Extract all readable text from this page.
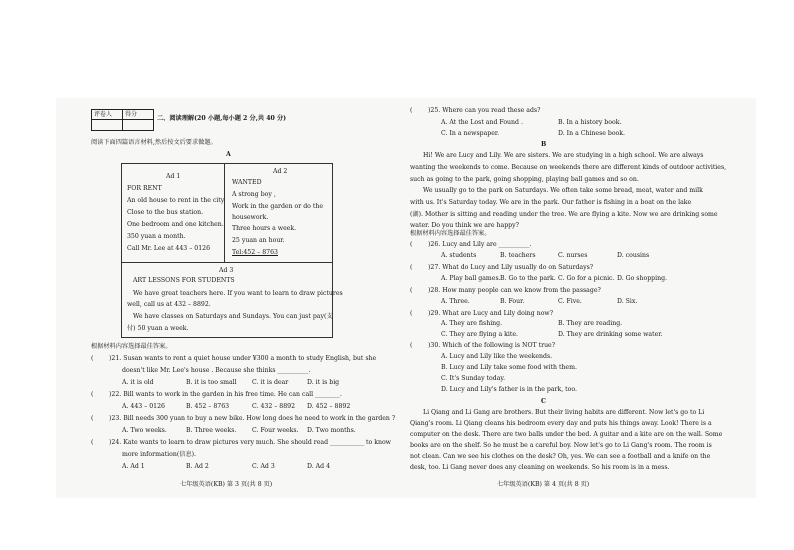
评卷人	得分

二、阅读理解(20 小题,每小题 2 分,共 40 分)
阅读下面四篇语言材料,然后按文后要求做题。
A
Ad 1
FOR RENT
An old house to rent in the city.
Close to the bus station.
One bedroom and one kitchen.
350 yuan a month.
Call Mr. Lee at 443 – 0126
Ad 2
WANTED
A strong boy ,
Work in the garden or do the
housework.
Three hours a week.
25 yuan an hour.
Tel:452 – 8763
Ad 3
ART LESSONS FOR STUDENTS
We have great teachers here. If you want to learn to draw pictures
well, call us at 432 – 8892.
We have classes on Saturdays and Sundays. You can just pay(支
付) 50 yuan a week.
根据材料内容选择最佳答案。
(	)21. Susan wants to rent a quiet house under ¥300 a month to study English, but she
doesn't like Mr. Lee's house . Because she thinks __________.
A. it is old	B. it is too small C. it is dear	D. it is big
(	)22. Bill wants to work in the garden in his free time. He can call ________.
A. 443 – 0126	B. 452 – 8763	C. 432 – 8892 D. 452 – 8892
(	)23. Bill needs 300 yuan to buy a new bike. How long does he need to work in the garden ?
A. Two weeks.	B. Three weeks.	C. Four weeks. D. Two months.
(	)24. Kate wants to learn to draw pictures very much. She should read ___________ to know
more information(信息).
A. Ad 1	B. Ad 2	C. Ad 3	D. Ad 4
七年级英语(KB) 第 3 页(共 8 页)
(	)25. Where can you read these ads?
A. At the Lost and Found .	B. In a history book.
C. In a newspaper.	D. In a Chinese book.
B
Hi! We are Lucy and Lily. We are sisters. We are studying in a high school. We are always
wanting the weekends to come. Because on weekends there are different kinds of outdoor activities,
such as going to the park, going shopping, playing ball games and so on.
We usually go to the park on Saturdays. We often take some bread, meat, water and milk
with us. It's Saturday today. We are in the park. Our father is fishing in a boat on the lake
(湖). Mother is sitting and reading under the tree. We are flying a kite. Now we are drinking some
water. Do you think we are happy?
根据材料内容选择最佳答案。
(	)26. Lucy and Lily are __________.
A. students	B. teachers	C. nurses	D. cousins
(	)27. What do Lucy and Lily usually do on Saturdays?
A. Play ball games. B. Go to the park. C. Go for a picnic. D. Go shopping.
(	)28. How many people can we know from the passage?
A. Three.	B. Four.	C. Five.	D. Six.
(	)29. What are Lucy and Lily doing now?
A. They are fishing.	B. They are reading.
C. They are flying a kite.	D. They are drinking some water.
(	)30. Which of the following is NOT true?
A. Lucy and Lily like the weekends.
B. Lucy and Lily take some food with them.
C. It's Sunday today.
D. Lucy and Lily's father is in the park, too.
C
Li Qiang and Li Gang are brothers. But their living habits are different. Now let's go to Li
Qiang's room. Li Qiang cleans his bedroom every day and puts his things away. Look! There is a
computer on the desk. There are two balls under the bed. A guitar and a kite are on the wall. Some
books are on the shelf. So he must be a careful boy. Now let's go to Li Gang's room. The room is
not clean. Can we see his clothes on the desk? Oh, yes. We can see a football and a knife on the
desk, too. Li Gang never does any cleaning on weekends. So his room is in a mess.
七年级英语(KB) 第 4 页(共 8 页)
